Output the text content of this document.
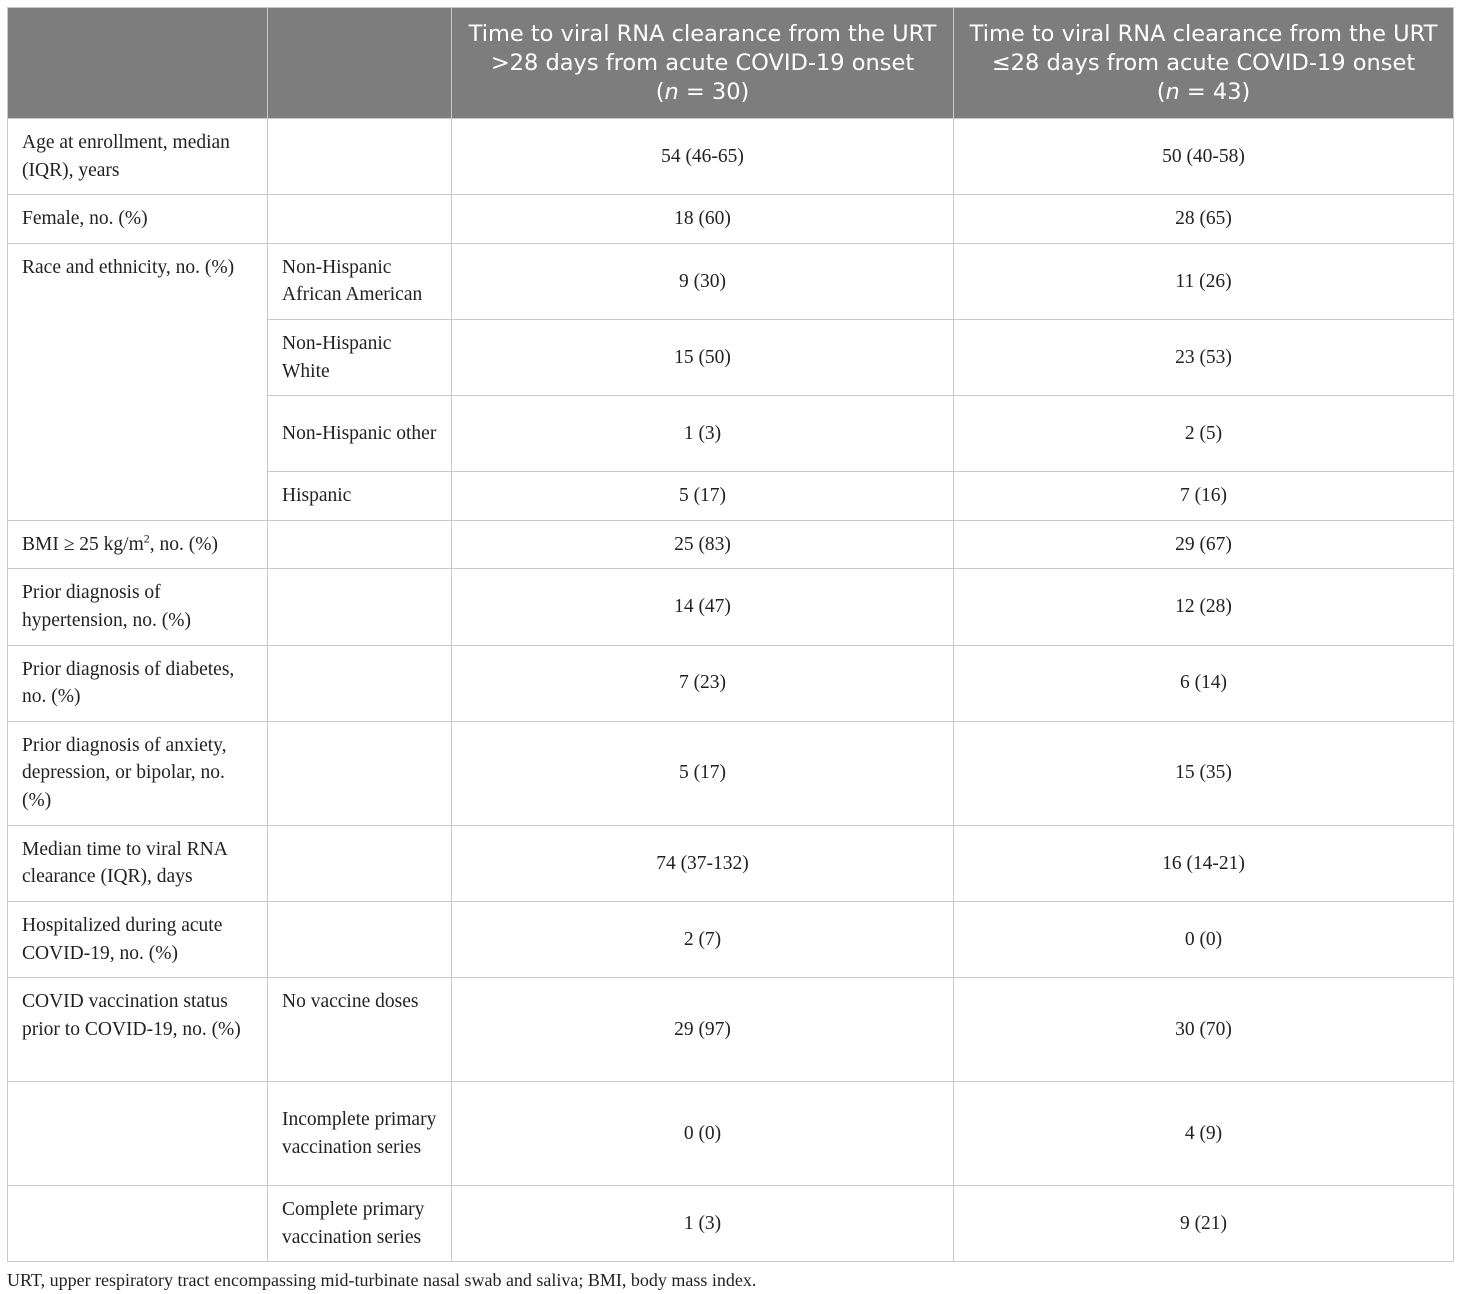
		Time to viral RNA clearance from the URT
>28 days from acute COVID-19 onset
(n = 30)	Time to viral RNA clearance from the URT
≤28 days from acute COVID-19 onset
(n = 43)

Age at enrollment, median (IQR), years		54 (46-65)	50 (40-58)
Female, no. (%)		18 (60)	28 (65)
Race and ethnicity, no. (%)	Non-Hispanic African American	9 (30)	11 (26)
	Non-Hispanic White	15 (50)	23 (53)
	Non-Hispanic other	1 (3)	2 (5)
	Hispanic	5 (17)	7 (16)
BMI ≥ 25 $kg/m^2$, no. (%)		25 (83)	29 (67)
Prior diagnosis of hypertension, no. (%)		14 (47)	12 (28)
Prior diagnosis of diabetes, no. (%)		7 (23)	6 (14)
Prior diagnosis of anxiety, depression, or bipolar, no. (%)		5 (17)	15 (35)
Median time to viral RNA clearance (IQR), days		74 (37-132)	16 (14-21)
Hospitalized during acute COVID-19, no. (%)		2 (7)	0 (0)
COVID vaccination status prior to COVID-19, no. (%)	No vaccine doses	29 (97)	30 (70)
	Incomplete primary vaccination series	0 (0)	4 (9)
	Complete primary vaccination series	1 (3)	9 (21)
URT, upper respiratory tract encompassing mid-turbinate nasal swab and saliva; BMI, body mass index.
